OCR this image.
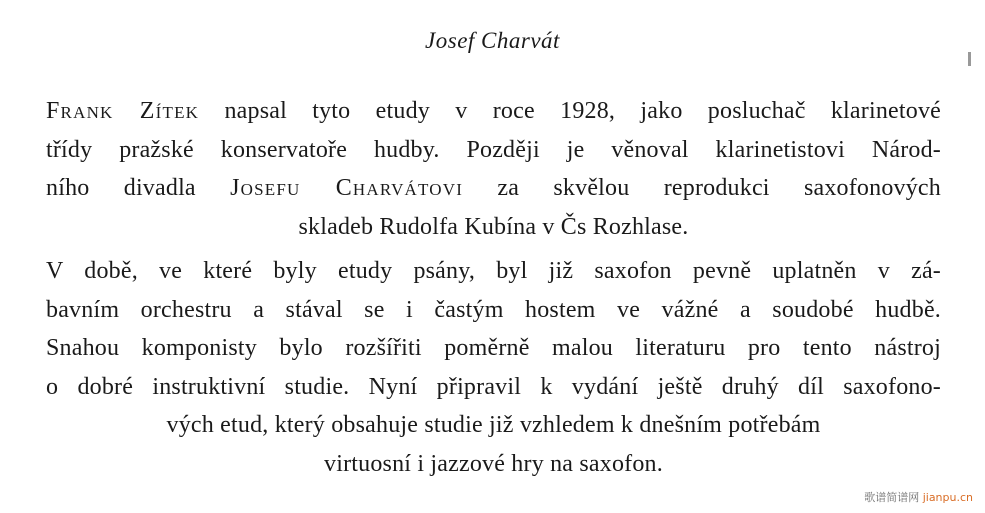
Josef Charvát
Frank Zítek napsal tyto etudy v roce 1928, jako posluchač klarinetové
třídy pražské konservatoře hudby. Později je věnoval klarinetistovi Národ-
ního divadla Josefu Charvátovi za skvělou reprodukci saxofonových
skladeb Rudolfa Kubína v Čs Rozhlase.
V době, ve které byly etudy psány, byl již saxofon pevně uplatněn v zá-
bavním orchestru a stával se i častým hostem ve vážné a soudobé hudbě.
Snahou komponisty bylo rozšířiti poměrně malou literaturu pro tento nástroj
o dobré instruktivní studie. Nyní připravil k vydání ještě druhý díl saxofono-
vých etud, který obsahuje studie již vzhledem k dnešním potřebám
virtuosní i jazzové hry na saxofon.
歌谱简谱网 jianpu.cn
